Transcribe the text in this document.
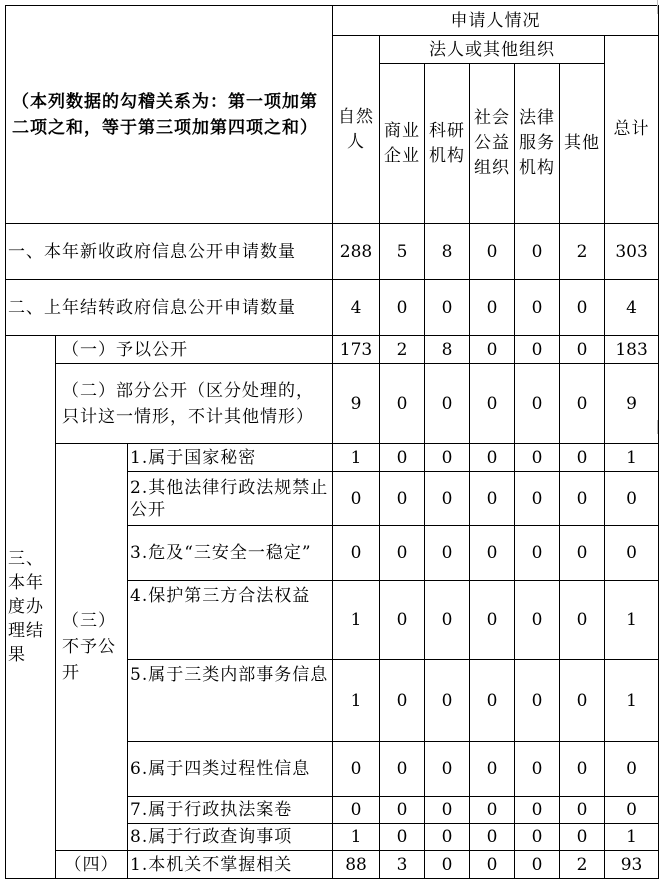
（本列数据的勾稽关系为：第一项加第二项之和，等于第三项加第四项之和）			申请人情况						
			自然人	法人或其他组织					总计
				商业企业	科研机构	社会公益组织	法律服务机构	其他	
一、本年新收政府信息公开申请数量			288	5	8	0	0	2	303
二、上年结转政府信息公开申请数量			4	0	0	0	0	0	4
三、本年度办理结果	（一）予以公开		173	2	8	0	0	0	183
	（二）部分公开（区分处理的，只计这一情形，不计其他情形）		9	0	0	0	0	0	9
	（三）不予公开	1.属于国家秘密	1	0	0	0	0	0	1
		2.其他法律行政法规禁止公开	0	0	0	0	0	0	0
		3.危及“三安全一稳定”	0	0	0	0	0	0	0
		4.保护第三方合法权益	1	0	0	0	0	0	1
		5.属于三类内部事务信息	1	0	0	0	0	0	1
		6.属于四类过程性信息	0	0	0	0	0	0	0
		7.属于行政执法案卷	0	0	0	0	0	0	0
		8.属于行政查询事项	1	0	0	0	0	0	1
	（四）	1.本机关不掌握相关	88	3	0	0	0	2	93
